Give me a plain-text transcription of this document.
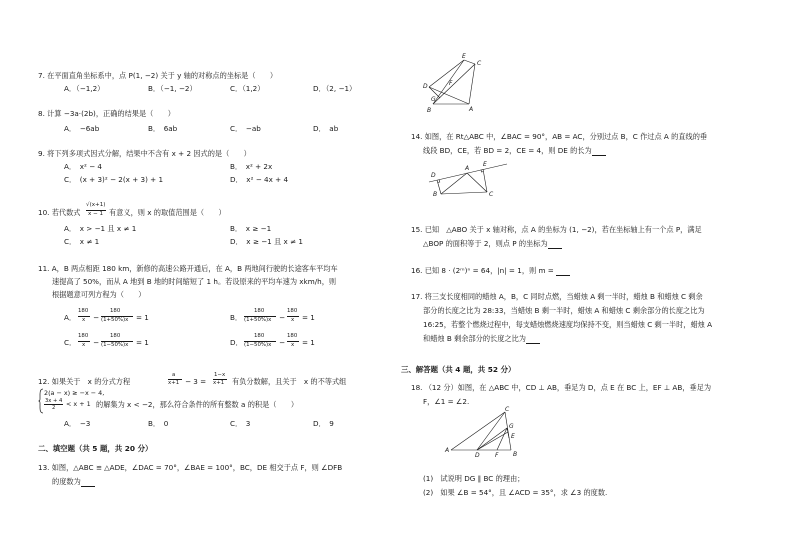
7. 在平面直角坐标系中，点 P(1, −2) 关于 y 轴的对称点的坐标是（　　）
A．（−1,2）	B．（−1, −2）	C．（1,2）	D．（2, −1）
8. 计算 −3a·(2b)，正确的结果是（　　）
A．　−6ab	B．　6ab	C．　−ab	D．　ab
9. 将下列多项式因式分解，结果中不含有 x + 2 因式的是（　　）
A．　x² − 4	B．　x² + 2x
C．　(x + 3)² − 2(x + 3) + 1	D．　x² − 4x + 4
10. 若代数式
√(x+1)
x − 1 有意义，则 x 的取值范围是（　　）
A．　x > −1 且 x ≠ 1	B．　x ≥ −1
C．　x ≠ 1	D．　x ≥ −1 且 x ≠ 1
11. A，B 两点相距 180 km，新修的高速公路开通后，在 A，B 两地间行驶的长途客车平均车
速提高了 50%，而从 A 地到 B 地的时间缩短了 1 h。若设原来的平均车速为 xkm/h，则
根据题意可列方程为（　　）
A．
180
x −
180
(1+50%)x = 1	B．
180
(1+50%)x −
180
x = 1
C．
180
x −
180
(1−50%)x = 1	D．
180
(1−50%)x −
180
x = 1
12. 如果关于　x 的分式方程
a
x+1 − 3 =
1−x
x+1 有负分数解，且关于　x 的不等式组
2(a − x) ≥ −x − 4,
3x + 4
2 < x + 1 的解集为 x < −2，那么符合条件的所有整数 a 的积是（　　）
A．　−3	B．　0	C．　3	D．　9
二、填空题（共 5 题，共 20 分）
13. 如图，△ABC ≌ △ADE，∠DAC = 70°，∠BAE = 100°，BC，DE 相交于点 F，则 ∠DFB
的度数为
E
D	F
G
B	A
C
14. 如图，在 Rt△ABC 中，∠BAC = 90°，AB = AC，分别过点 B，C 作过点 A 的直线的垂
线段 BD，CE，若 BD = 2，CE = 4，则 DE 的长为
D
A
E
B	C
15. 已知　△ABO 关于 x 轴对称，点 A 的坐标为 (1, −2)，若在坐标轴上有一个点 P，满足
△BOP 的面积等于 2，则点 P 的坐标为
16. 已知 8 · (2ᵐ)ⁿ = 64，|n| = 1，则 m =
17. 将三支长度相同的蜡烛 A，B，C 同时点燃，当蜡烛 A 剩一半时，蜡烛 B 和蜡烛 C 剩余
部分的长度之比为 28:33，当蜡烛 B 剩一半时，蜡烛 A 和蜡烛 C 剩余部分的长度之比为
16:25，若整个燃烧过程中，每支蜡烛燃烧速度均保持不变，则当蜡烛 C 剩一半时，蜡烛 A
和蜡烛 B 剩余部分的长度之比为
三、解答题（共 4 题，共 52 分）
18. （12 分）如图，在 △ABC 中，CD ⊥ AB，垂足为 D，点 E 在 BC 上，EF ⊥ AB，垂足为
F，∠1 = ∠2.
C
G
E
A
B
D	F
(1)　试说明 DG ∥ BC 的理由；
(2)　如果 ∠B = 54°，且 ∠ACD = 35°，求 ∠3 的度数.
